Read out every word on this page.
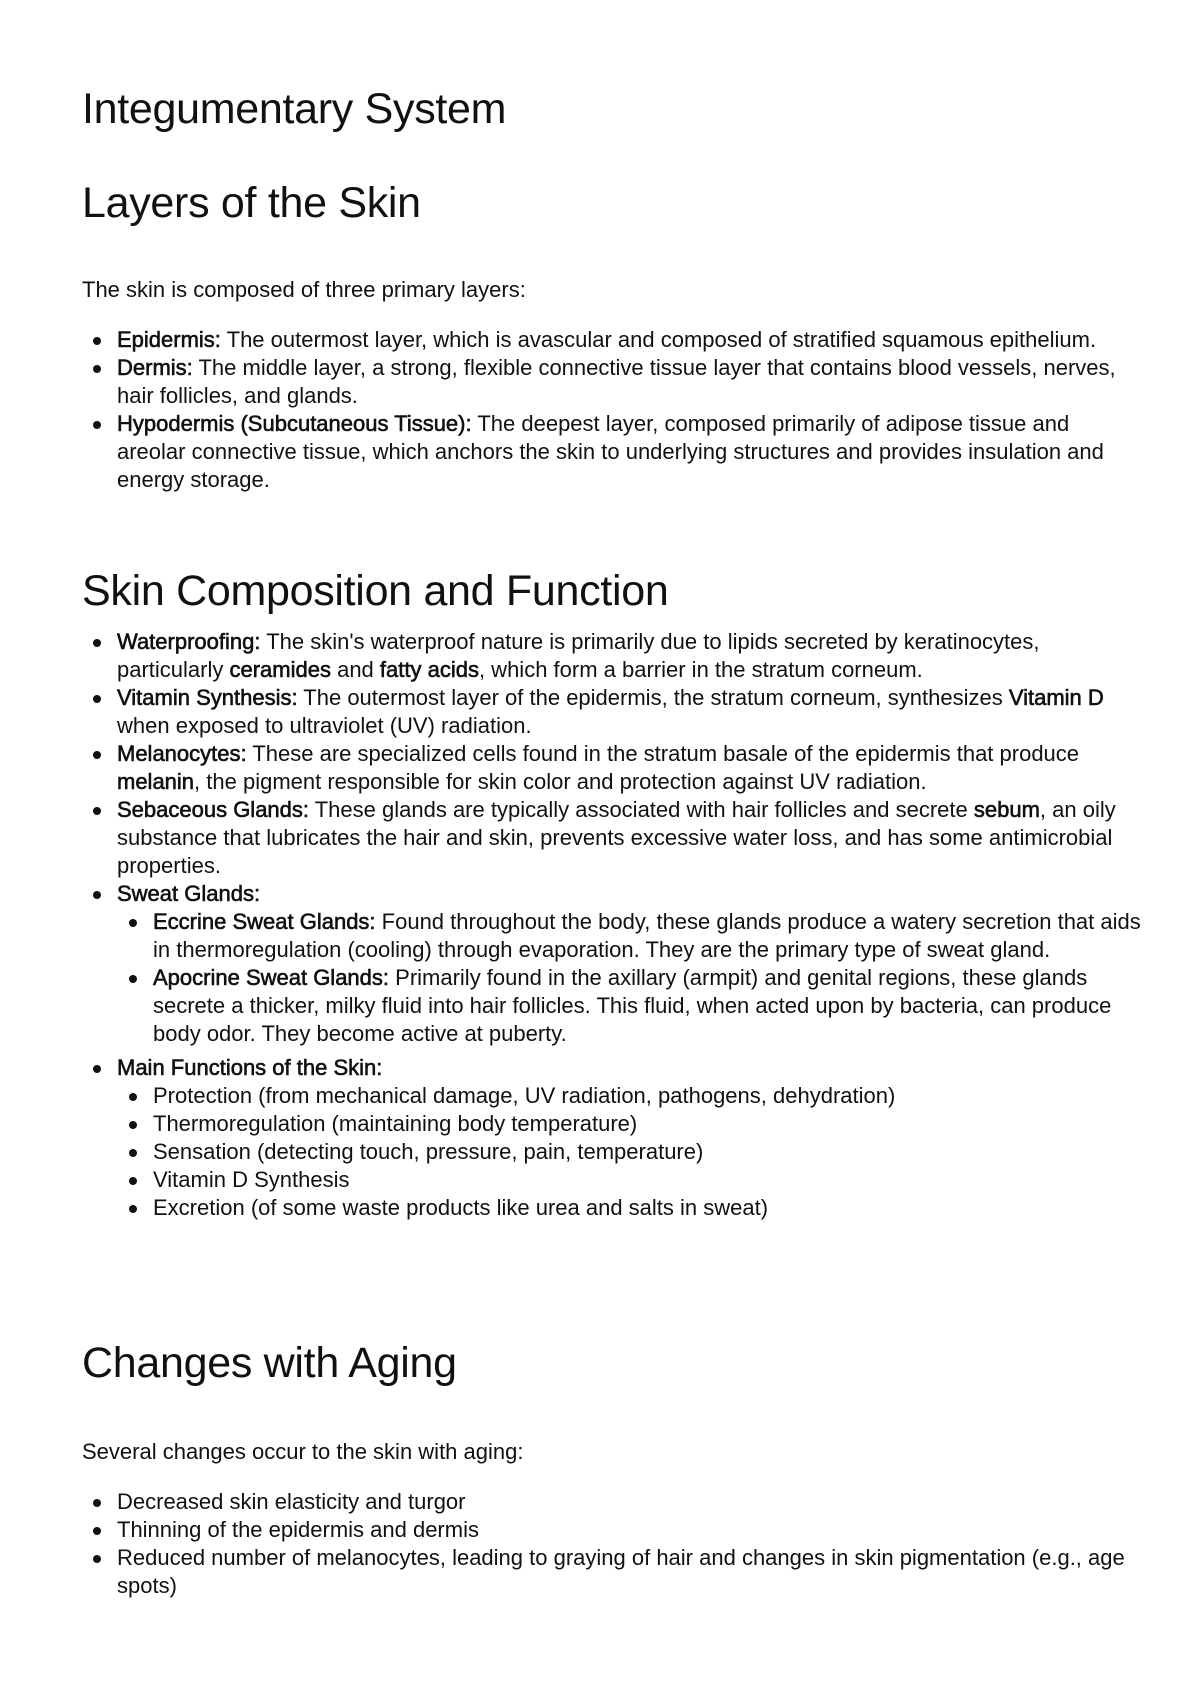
Integumentary System
Layers of the Skin

The skin is composed of three primary layers:

Epidermis: The outermost layer, which is avascular and composed of stratified squamous epithelium.
Dermis: The middle layer, a strong, flexible connective tissue layer that contains blood vessels, nerves, hair follicles, and glands.
Hypodermis (Subcutaneous Tissue): The deepest layer, composed primarily of adipose tissue and areolar connective tissue, which anchors the skin to underlying structures and provides insulation and energy storage.
Skin Composition and Function
Waterproofing: The skin's waterproof nature is primarily due to lipids secreted by keratinocytes, particularly ceramides and fatty acids, which form a barrier in the stratum corneum.
Vitamin Synthesis: The outermost layer of the epidermis, the stratum corneum, synthesizes Vitamin D when exposed to ultraviolet (UV) radiation.
Melanocytes: These are specialized cells found in the stratum basale of the epidermis that produce melanin, the pigment responsible for skin color and protection against UV radiation.
Sebaceous Glands: These glands are typically associated with hair follicles and secrete sebum, an oily substance that lubricates the hair and skin, prevents excessive water loss, and has some antimicrobial properties.
Sweat Glands:
Eccrine Sweat Glands: Found throughout the body, these glands produce a watery secretion that aids in thermoregulation (cooling) through evaporation. They are the primary type of sweat gland.
Apocrine Sweat Glands: Primarily found in the axillary (armpit) and genital regions, these glands secrete a thicker, milky fluid into hair follicles. This fluid, when acted upon by bacteria, can produce body odor. They become active at puberty.
Main Functions of the Skin:
Protection (from mechanical damage, UV radiation, pathogens, dehydration)
Thermoregulation (maintaining body temperature)
Sensation (detecting touch, pressure, pain, temperature)
Vitamin D Synthesis
Excretion (of some waste products like urea and salts in sweat)
Changes with Aging

Several changes occur to the skin with aging:

Decreased skin elasticity and turgor
Thinning of the epidermis and dermis
Reduced number of melanocytes, leading to graying of hair and changes in skin pigmentation (e.g., age spots)
